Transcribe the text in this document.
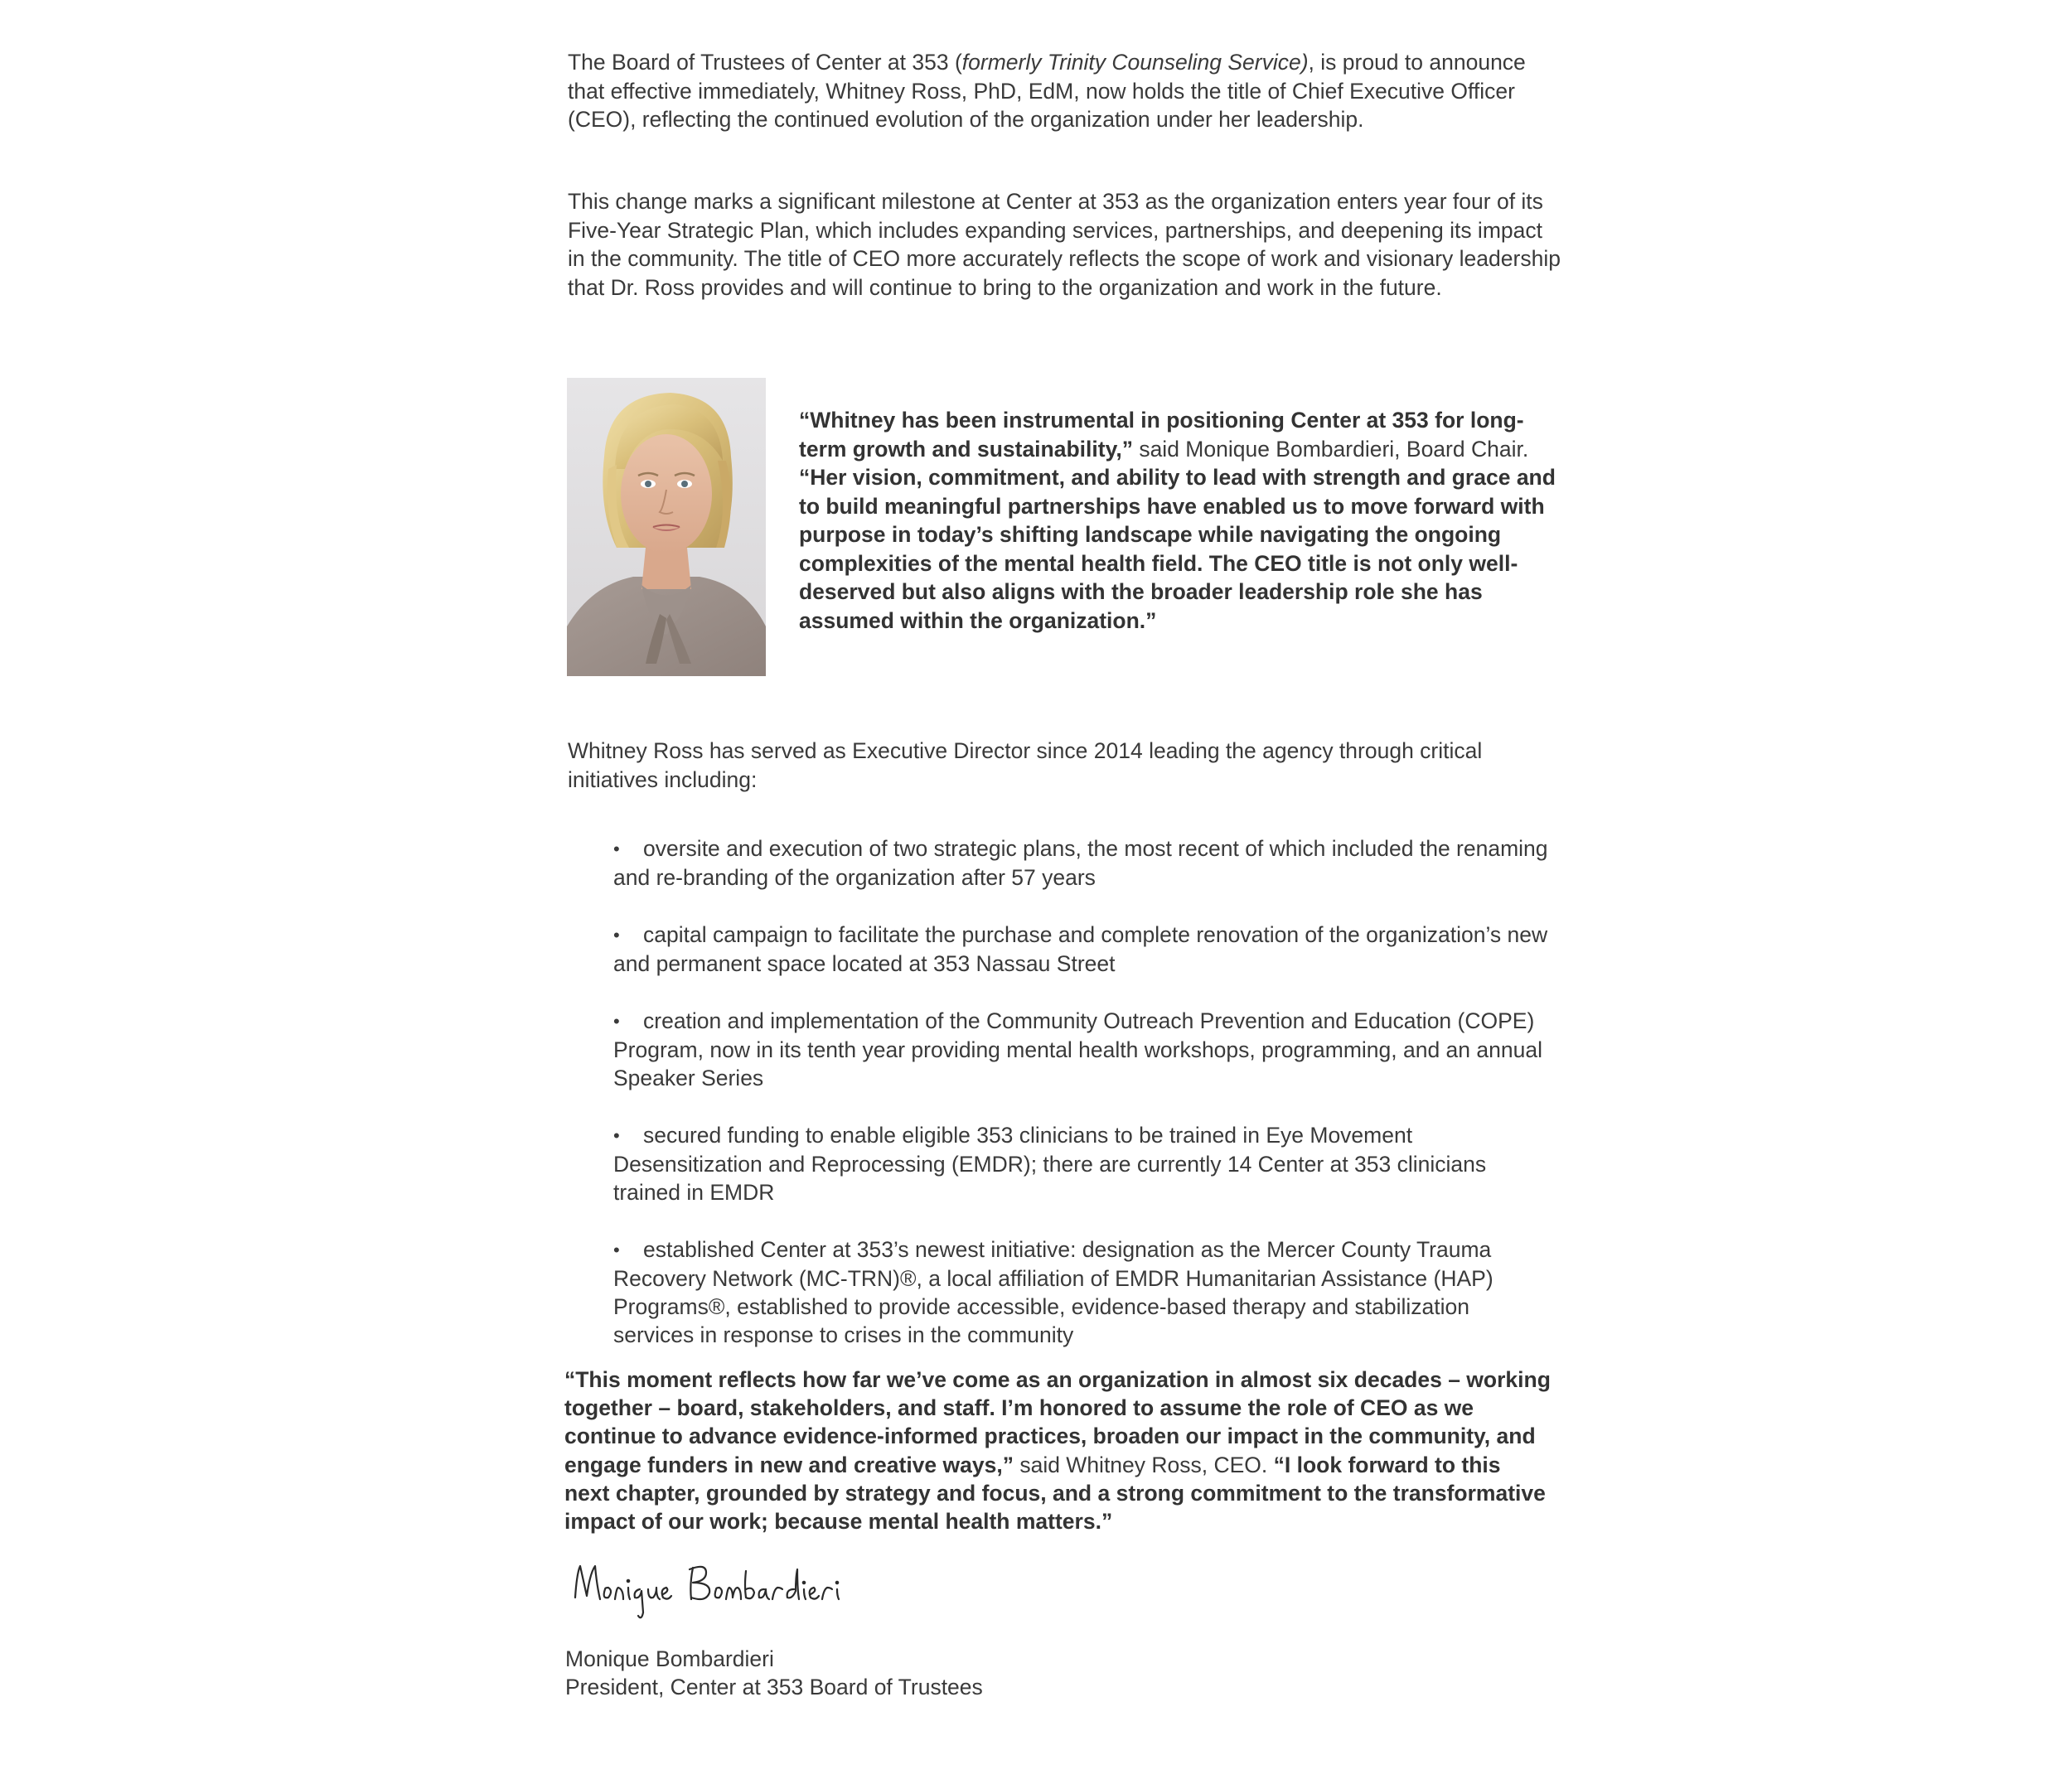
The Board of Trustees of Center at 353 (formerly Trinity Counseling Service), is proud to announce that effective immediately, Whitney Ross, PhD, EdM, now holds the title of Chief Executive Officer (CEO), reflecting the continued evolution of the organization under her leadership.

This change marks a significant milestone at Center at 353 as the organization enters year four of its Five-Year Strategic Plan, which includes expanding services, partnerships, and deepening its impact in the community. The title of CEO more accurately reflects the scope of work and visionary leadership that Dr. Ross provides and will continue to bring to the organization and work in the future.

“Whitney has been instrumental in positioning Center at 353 for long-term growth and sustainability,” said Monique Bombardieri, Board Chair. “Her vision, commitment, and ability to lead with strength and grace and to build meaningful partnerships have enabled us to move forward with purpose in today’s shifting landscape while navigating the ongoing complexities of the mental health field. The CEO title is not only well-deserved but also aligns with the broader leadership role she has assumed within the organization.”

Whitney Ross has served as Executive Director since 2014 leading the agency through critical initiatives including:

• oversite and execution of two strategic plans, the most recent of which included the renaming and re-branding of the organization after 57 years
• capital campaign to facilitate the purchase and complete renovation of the organization’s new and permanent space located at 353 Nassau Street
• creation and implementation of the Community Outreach Prevention and Education (COPE) Program, now in its tenth year providing mental health workshops, programming, and an annual Speaker Series
• secured funding to enable eligible 353 clinicians to be trained in Eye Movement Desensitization and Reprocessing (EMDR); there are currently 14 Center at 353 clinicians trained in EMDR
• established Center at 353’s newest initiative: designation as the Mercer County Trauma Recovery Network (MC-TRN)®, a local affiliation of EMDR Humanitarian Assistance (HAP) Programs®, established to provide accessible, evidence-based therapy and stabilization services in response to crises in the community

“This moment reflects how far we’ve come as an organization in almost six decades – working together – board, stakeholders, and staff. I’m honored to assume the role of CEO as we continue to advance evidence-informed practices, broaden our impact in the community, and engage funders in new and creative ways,” said Whitney Ross, CEO. “I look forward to this next chapter, grounded by strategy and focus, and a strong commitment to the transformative impact of our work; because mental health matters.”

Monique Bombardieri

President, Center at 353 Board of Trustees
